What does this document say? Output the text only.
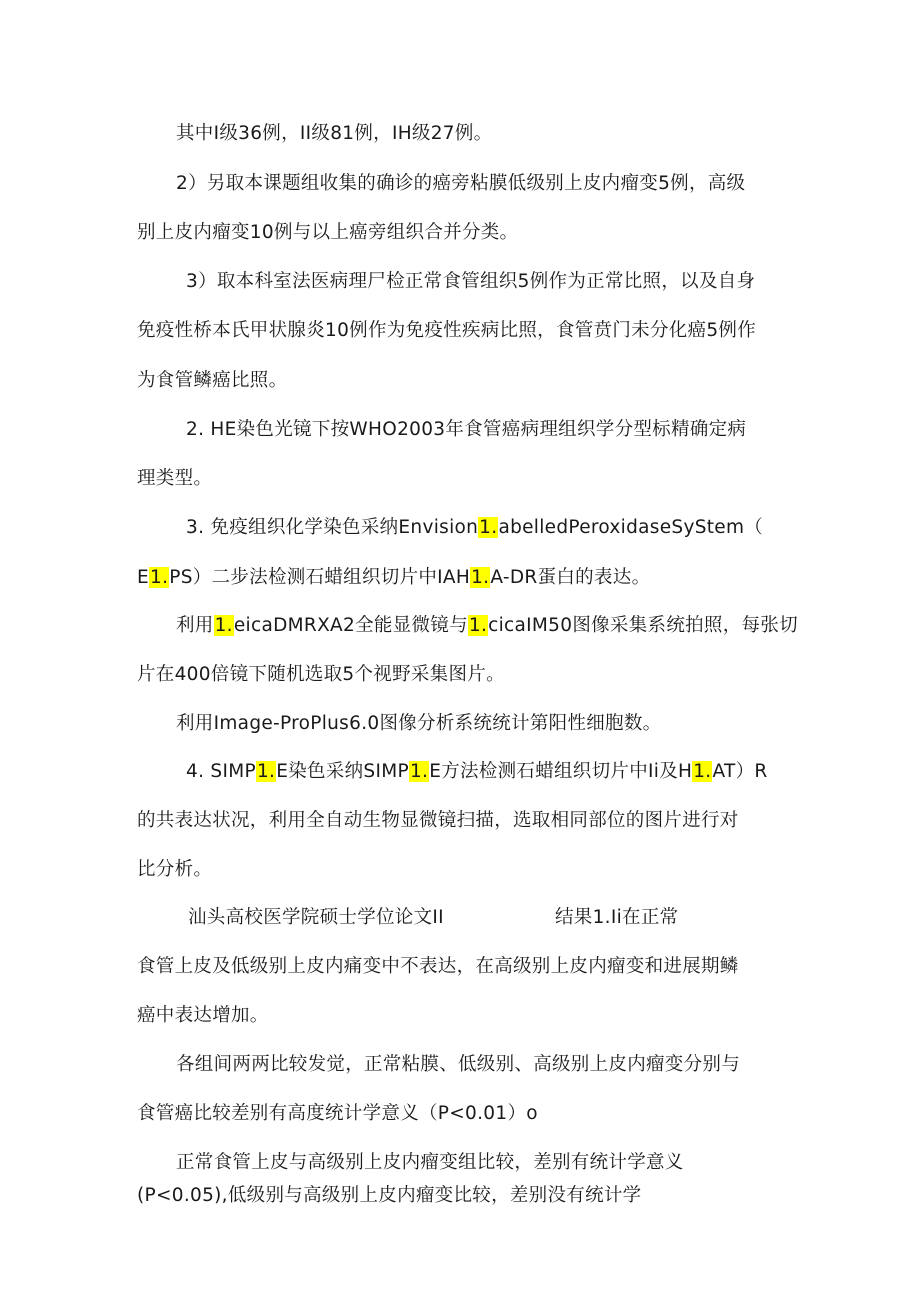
其中I级36例，II级81例，IH级27例。
2）另取本课题组收集的确诊的癌旁粘膜低级别上皮内瘤变5例，高级
别上皮内瘤变10例与以上癌旁组织合并分类。
3）取本科室法医病理尸检正常食管组织5例作为正常比照，以及自身
免疫性桥本氏甲状腺炎10例作为免疫性疾病比照，食管贲门未分化癌5例作
为食管鳞癌比照。
2. HE染色光镜下按WHO2003年食管癌病理组织学分型标精确定病
理类型。
3. 免疫组织化学染色采纳Envision1.abelledPeroxidaseSyStem（
E1.PS）二步法检测石蜡组织切片中IAH1.A-DR蛋白的表达。
利用1.eicaDMRXA2全能显微镜与1.cicaIM50图像采集系统拍照，每张切
片在400倍镜下随机选取5个视野采集图片。
利用Image-ProPlus6.0图像分析系统统计第阳性细胞数。
4. SIMP1.E染色采纳SIMP1.E方法检测石蜡组织切片中Ii及H1.AT）R
的共表达状况，利用全自动生物显微镜扫描，选取相同部位的图片进行对
比分析。
汕头高校医学院硕士学位论文II	结果1.Ii在正常
食管上皮及低级别上皮内痛变中不表达，在高级别上皮内瘤变和进展期鳞
癌中表达增加。
各组间两两比较发觉，正常粘膜、低级别、高级别上皮内瘤变分别与
食管癌比较差别有高度统计学意义（P<0.01）o
正常食管上皮与高级别上皮内瘤变组比较，差别有统计学意义
(P<0.05),低级别与高级别上皮内瘤变比较，差别没有统计学
